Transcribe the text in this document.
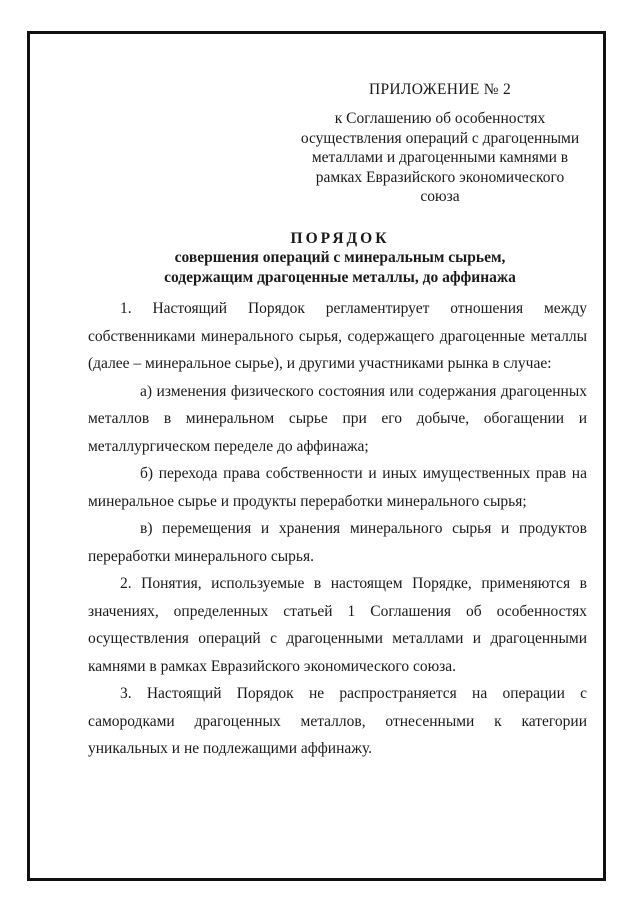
ПРИЛОЖЕНИЕ № 2
к Соглашению об особенностях
осуществления операций с драгоценными
металлами и драгоценными камнями в
рамках Евразийского экономического
союза
ПОРЯДОК
совершения операций с минеральным сырьем,
содержащим драгоценные металлы, до аффинажа

1. Настоящий Порядок регламентирует отношения между собственниками минерального сырья, содержащего драгоценные металлы (далее – минеральное сырье), и другими участниками рынка в случае:

а) изменения физического состояния или содержания драгоценных металлов в минеральном сырье при его добыче, обогащении и металлургическом переделе до аффинажа;

б) перехода права собственности и иных имущественных прав на минеральное сырье и продукты переработки минерального сырья;

в) перемещения и хранения минерального сырья и продуктов переработки минерального сырья.

2. Понятия, используемые в настоящем Порядке, применяются в значениях, определенных статьей 1 Соглашения об особенностях осуществления операций с драгоценными металлами и драгоценными камнями в рамках Евразийского экономического союза.

3. Настоящий Порядок не распространяется на операции с самородками драгоценных металлов, отнесенными к категории уникальных и не подлежащими аффинажу.
